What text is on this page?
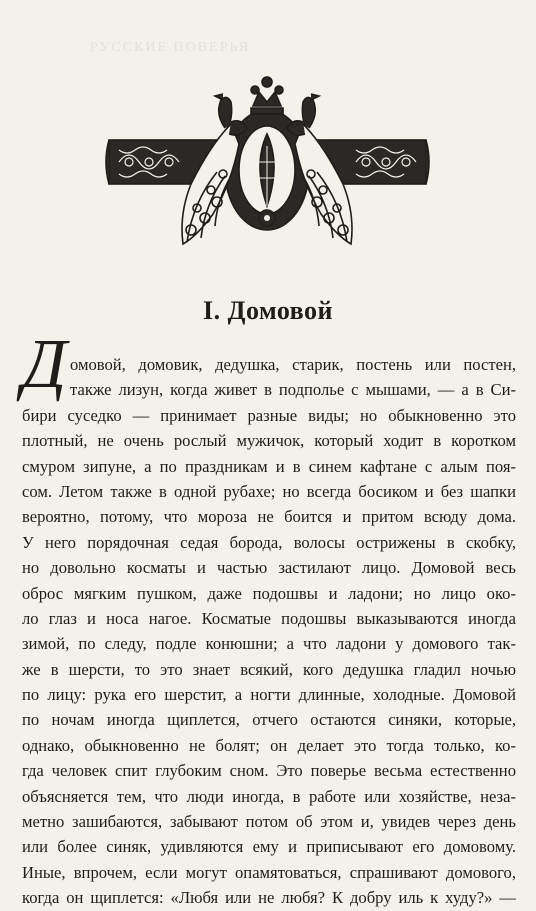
РУССКИЕ ПОВЕРЬЯ
I. Домовой
Д омовой, домовик, дедушка, старик, постень или постен,
также лизун, когда живет в подполье с мышами, — а в Си-
бири суседко — принимает разные виды; но обыкновенно это
плотный, не очень рослый мужичок, который ходит в коротком
смуром зипуне, а по праздникам и в синем кафтане с алым поя-
сом. Летом также в одной рубахе; но всегда босиком и без шапки
вероятно, потому, что мороза не боится и притом всюду дома.
У него порядочная седая борода, волосы острижены в скобку,
но довольно косматы и частью застилают лицо. Домовой весь
оброс мягким пушком, даже подошвы и ладони; но лицо око-
ло глаз и носа нагое. Косматые подошвы выказываются иногда
зимой, по следу, подле конюшни; а что ладони у домового так-
же в шерсти, то это знает всякий, кого дедушка гладил ночью
по лицу: рука его шерстит, а ногти длинные, холодные. Домовой
по ночам иногда щиплется, отчего остаются синяки, которые,
однако, обыкновенно не болят; он делает это тогда только, ко-
гда человек спит глубоким сном. Это поверье весьма естественно
объясняется тем, что люди иногда, в работе или хозяйстве, неза-
метно зашибаются, забывают потом об этом и, увидев через день
или более синяк, удивляются ему и приписывают его домовому.
Иные, впрочем, если могут опамятоваться, спрашивают домового,
когда он щиплется: «Любя или не любя? К добру иль к худу?» —
